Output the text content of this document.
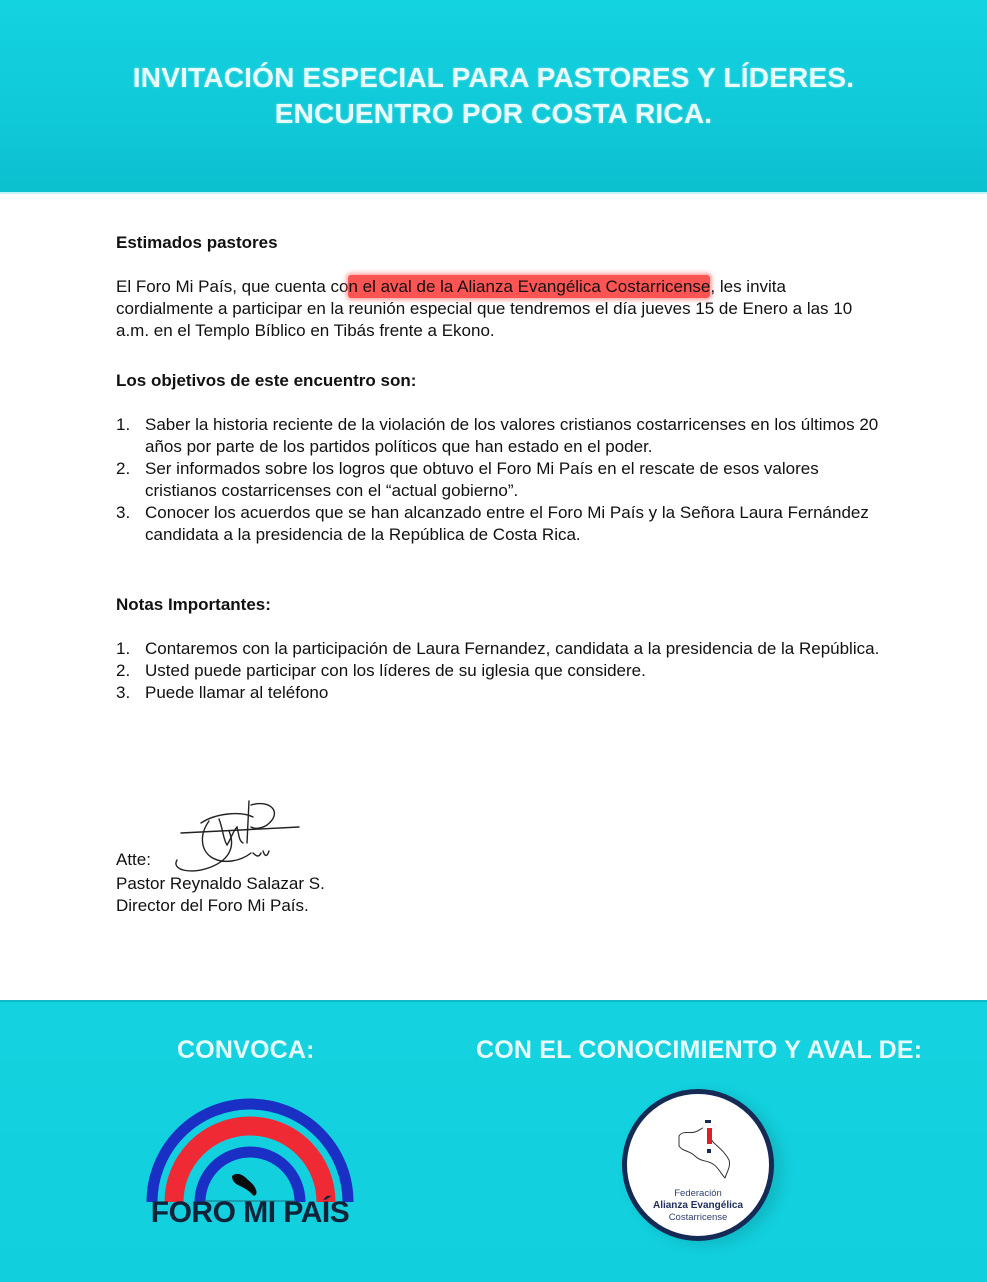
INVITACIÓN ESPECIAL PARA PASTORES Y LÍDERES.
ENCUENTRO POR COSTA RICA.
Estimados pastores

El Foro Mi País, que cuenta con el aval de la Alianza Evangélica Costarricense, les invita cordialmente a participar en la reunión especial que tendremos el día jueves 15 de Enero a las 10 a.m. en el Templo Bíblico en Tibás frente a Ekono.

Los objetivos de este encuentro son:
1. Saber la historia reciente de la violación de los valores cristianos costarricenses en los últimos 20 años por parte de los partidos políticos que han estado en el poder.
2. Ser informados sobre los logros que obtuvo el Foro Mi País en el rescate de esos valores cristianos costarricenses con el “actual gobierno”.
3. Conocer los acuerdos que se han alcanzado entre el Foro Mi País y la Señora Laura Fernández candidata a la presidencia de la República de Costa Rica.
Notas Importantes:
1. Contaremos con la participación de Laura Fernandez, candidata a la presidencia de la República.
2. Usted puede participar con los líderes de su iglesia que considere.
3. Puede llamar al teléfono
Atte:
Pastor Reynaldo Salazar S.
Director del Foro Mi País.
CONVOCA:	CON EL CONOCIMIENTO Y AVAL DE:
FORO MI PAÍS
Federación
Alianza Evangélica
Costarricense
